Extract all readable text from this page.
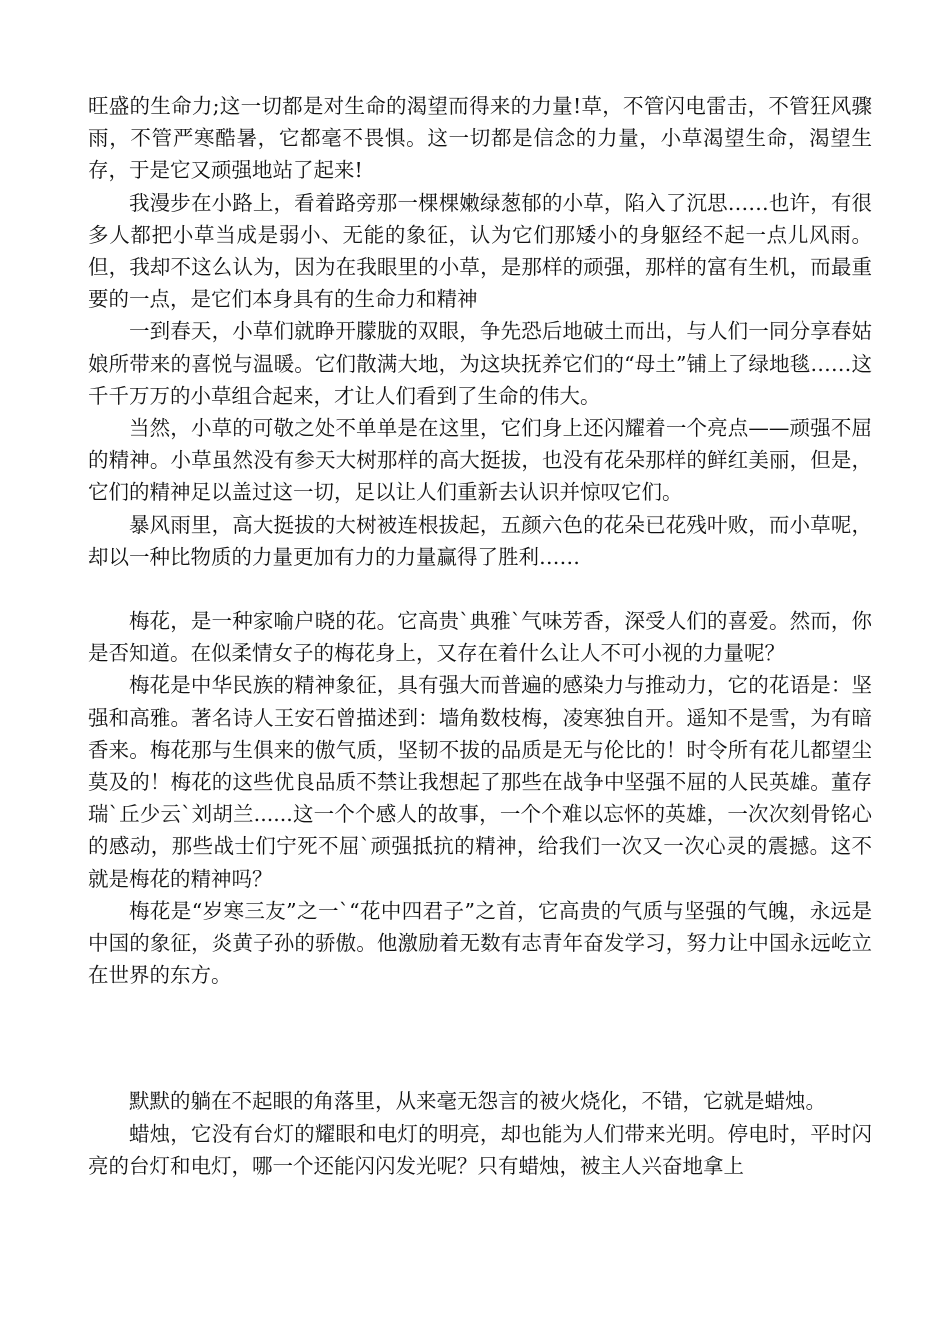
旺盛的生命力;这一切都是对生命的渴望而得来的力量!草，不管闪电雷击，不管狂风骤雨，不管严寒酷暑，它都毫不畏惧。这一切都是信念的力量，小草渴望生命，渴望生存，于是它又顽强地站了起来!

我漫步在小路上，看着路旁那一棵棵嫩绿葱郁的小草，陷入了沉思……也许，有很多人都把小草当成是弱小、无能的象征，认为它们那矮小的身躯经不起一点儿风雨。但，我却不这么认为，因为在我眼里的小草，是那样的顽强，那样的富有生机，而最重要的一点，是它们本身具有的生命力和精神

一到春天，小草们就睁开朦胧的双眼，争先恐后地破土而出，与人们一同分享春姑娘所带来的喜悦与温暖。它们散满大地，为这块抚养它们的“母土”铺上了绿地毯……这千千万万的小草组合起来，才让人们看到了生命的伟大。

当然，小草的可敬之处不单单是在这里，它们身上还闪耀着一个亮点——顽强不屈的精神。小草虽然没有参天大树那样的高大挺拔，也没有花朵那样的鲜红美丽，但是，它们的精神足以盖过这一切，足以让人们重新去认识并惊叹它们。

暴风雨里，高大挺拔的大树被连根拔起，五颜六色的花朵已花残叶败，而小草呢，却以一种比物质的力量更加有力的力量赢得了胜利……

梅花，是一种家喻户晓的花。它高贵`典雅`气味芳香，深受人们的喜爱。然而，你是否知道。在似柔情女子的梅花身上，又存在着什么让人不可小视的力量呢？

梅花是中华民族的精神象征，具有强大而普遍的感染力与推动力，它的花语是：坚强和高雅。著名诗人王安石曾描述到：墙角数枝梅，凌寒独自开。遥知不是雪，为有暗香来。梅花那与生俱来的傲气质，坚韧不拔的品质是无与伦比的！时令所有花儿都望尘莫及的！梅花的这些优良品质不禁让我想起了那些在战争中坚强不屈的人民英雄。董存瑞`丘少云`刘胡兰......这一个个感人的故事，一个个难以忘怀的英雄，一次次刻骨铭心的感动，那些战士们宁死不屈`顽强抵抗的精神，给我们一次又一次心灵的震撼。这不就是梅花的精神吗？

梅花是“岁寒三友”之一`“花中四君子”之首，它高贵的气质与坚强的气魄，永远是中国的象征，炎黄子孙的骄傲。他激励着无数有志青年奋发学习，努力让中国永远屹立在世界的东方。

默默的躺在不起眼的角落里，从来毫无怨言的被火烧化，不错，它就是蜡烛。

蜡烛，它没有台灯的耀眼和电灯的明亮，却也能为人们带来光明。停电时，平时闪亮的台灯和电灯，哪一个还能闪闪发光呢？只有蜡烛，被主人兴奋地拿上
